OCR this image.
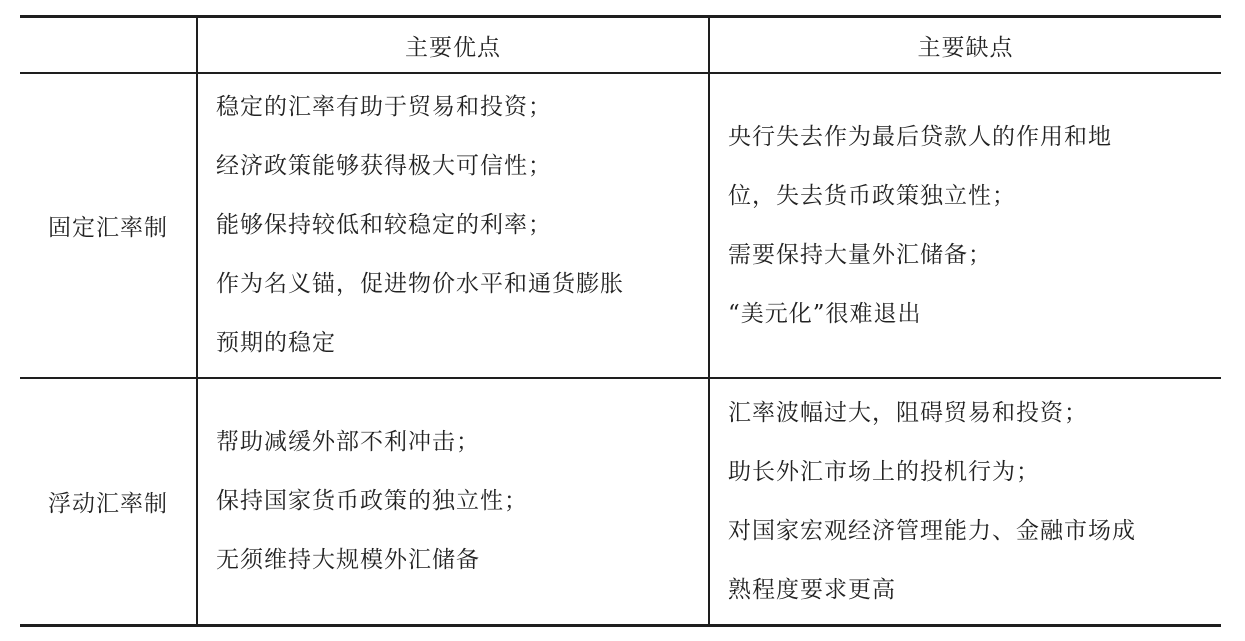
主要优点	主要缺点
固定汇率制
稳定的汇率有助于贸易和投资；
经济政策能够获得极大可信性；
能够保持较低和较稳定的利率；
作为名义锚，促进物价水平和通货膨胀
预期的稳定
央行失去作为最后贷款人的作用和地
位，失去货币政策独立性；
需要保持大量外汇储备；
“美元化”很难退出
浮动汇率制
帮助减缓外部不利冲击；
保持国家货币政策的独立性；
无须维持大规模外汇储备
汇率波幅过大，阻碍贸易和投资；
助长外汇市场上的投机行为；
对国家宏观经济管理能力、金融市场成
熟程度要求更高
